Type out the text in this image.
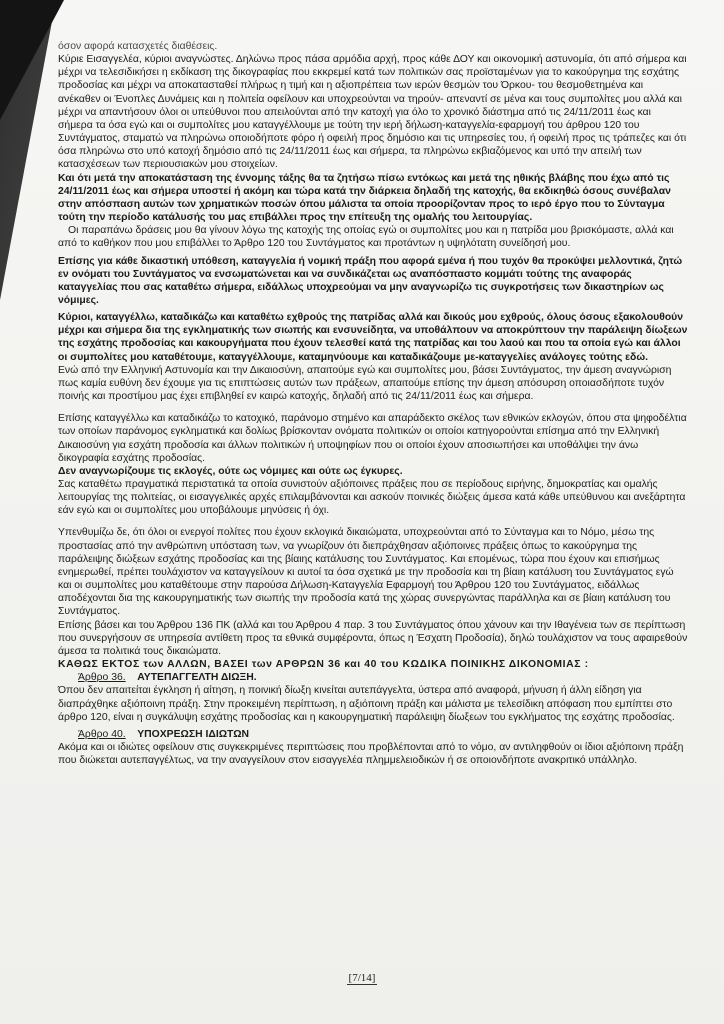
όσον αφορά κατασχετές διαθέσεις.

Κύριε Εισαγγελέα, κύριοι αναγνώστες. Δηλώνω προς πάσα αρμόδια αρχή, προς κάθε ΔΟΥ και οικονομική αστυνομία, ότι από σήμερα και μέχρι να τελεσιδικήσει η εκδίκαση της δικογραφίας που εκκρεμεί κατά των πολιτικών σας προϊσταμένων για το κακούργημα της εσχάτης προδοσίας και μέχρι να αποκατασταθεί πλήρως η τιμή και η αξιοπρέπεια των ιερών θεσμών του Όρκου- του θεσμοθετημένα και ανέκαθεν οι Ένοπλες Δυνάμεις και η πολιτεία οφείλουν και υποχρεούνται να τηρούν- απεναντί σε μένα και τους συμπολίτες μου αλλά και μέχρι να απαντήσουν όλοι οι υπεύθυνοι που απειλούνται από την κατοχή για όλο το χρονικό διάστημα από τις 24/11/2011 έως και σήμερα τα όσα εγώ και οι συμπολίτες μου καταγγέλλουμε με τούτη την ιερή δήλωση-καταγγελία-εφαρμογή του άρθρου 120 του Συντάγματος, σταματώ να πληρώνω οποιοδήποτε φόρο ή οφειλή προς δημόσιο και τις υπηρεσίες του, ή οφειλή προς τις τράπεζες και ότι όσα πληρώνω στο υπό κατοχή δημόσιο από τις 24/11/2011 έως και σήμερα, τα πληρώνω εκβιαζόμενος και υπό την απειλή των κατασχέσεων των περιουσιακών μου στοιχείων.

Και ότι μετά την αποκατάσταση της έννομης τάξης θα τα ζητήσω πίσω εντόκως και μετά της ηθικής βλάβης που έχω από τις 24/11/2011 έως και σήμερα υποστεί ή ακόμη και τώρα κατά την διάρκεια δηλαδή της κατοχής, θα εκδικηθώ όσους συνέβαλαν στην απόσπαση αυτών των χρηματικών ποσών όπου μάλιστα τα οποία προορίζονταν προς το ιερό έργο που το Σύνταγμα τούτη την περίοδο κατάλυσής του μας επιβάλλει προς την επίτευξη της ομαλής του λειτουργίας.

Οι παραπάνω δράσεις μου θα γίνουν λόγω της κατοχής της οποίας εγώ οι συμπολίτες μου και η πατρίδα μου βρισκόμαστε, αλλά και από το καθήκον που μου επιβάλλει το Άρθρο 120 του Συντάγματος και προτάντων η υψηλότατη συνείδησή μου.

Επίσης για κάθε δικαστική υπόθεση, καταγγελία ή νομική πράξη που αφορά εμένα ή που τυχόν θα προκύψει μελλοντικά, ζητώ εν ονόματι του Συντάγματος να ενσωματώνεται και να συνδικάζεται ως αναπόσπαστο κομμάτι τούτης της αναφοράς καταγγελίας που σας καταθέτω σήμερα, ειδάλλως υποχρεούμαι να μην αναγνωρίζω τις συγκροτήσεις των δικαστηρίων ως νόμιμες.

Κύριοι, καταγγέλλω, καταδικάζω και καταθέτω εχθρούς της πατρίδας αλλά και δικούς μου εχθρούς, όλους όσους εξακολουθούν μέχρι και σήμερα δια της εγκληματικής των σιωπής και ενσυνείδητα, να υποθάλπουν να αποκρύπτουν την παράλειψη δίωξεων της εσχάτης προδοσίας και κακουργήματα που έχουν τελεσθεί κατά της πατρίδας και του λαού και που τα οποία εγώ και άλλοι οι συμπολίτες μου καταθέτουμε, καταγγέλλουμε, καταμηνύουμε και καταδικάζουμε με-καταγγελίες ανάλογες τούτης εδώ.

Ενώ από την Ελληνική Αστυνομία και την Δικαιοσύνη, απαιτούμε εγώ και συμπολίτες μου, βάσει Συντάγματος, την άμεση αναγνώριση πως καμία ευθύνη δεν έχουμε για τις επιπτώσεις αυτών των πράξεων, απαιτούμε επίσης την άμεση απόσυρση οποιασδήποτε τυχόν ποινής και προστίμου μας έχει επιβληθεί εν καιρώ κατοχής, δηλαδή από τις 24/11/2011 έως και σήμερα.

Επίσης καταγγέλλω και καταδικάζω το κατοχικό, παράνομο στημένο και απαράδεκτο σκέλος των εθνικών εκλογών, όπου στα ψηφοδέλτια των οποίων παράνομος εγκληματικά και δολίως βρίσκονταν ονόματα πολιτικών οι οποίοι κατηγορούνται επίσημα από την Ελληνική Δικαιοσύνη για εσχάτη προδοσία και άλλων πολιτικών ή υποψηφίων που οι οποίοι έχουν αποσιωπήσει και υποθάλψει την άνω δικογραφία εσχάτης προδοσίας.

Δεν αναγνωρίζουμε τις εκλογές, ούτε ως νόμιμες και ούτε ως έγκυρες.

Σας καταθέτω πραγματικά περιστατικά τα οποία συνιστούν αξιόποινες πράξεις που σε περίοδους ειρήνης, δημοκρατίας και ομαλής λειτουργίας της πολιτείας, οι εισαγγελικές αρχές επιλαμβάνονται και ασκούν ποινικές διώξεις άμεσα κατά κάθε υπεύθυνου και ανεξάρτητα εάν εγώ και οι συμπολίτες μου υποβάλουμε μηνύσεις ή όχι.

Υπενθυμίζω δε, ότι όλοι οι ενεργοί πολίτες που έχουν εκλογικά δικαιώματα, υποχρεούνται από το Σύνταγμα και το Νόμο, μέσω της προστασίας από την ανθρώπινη υπόσταση των, να γνωρίζουν ότι διεπράχθησαν αξιόποινες πράξεις όπως το κακούργημα της παράλειψης διώξεων εσχάτης προδοσίας και της βίαιης κατάλυσης του Συντάγματος. Και επομένως, τώρα που έχουν και επισήμως ενημερωθεί, πρέπει τουλάχιστον να καταγγείλουν κι αυτοί τα όσα σχετικά με την προδοσία και τη βίαιη κατάλυση του Συντάγματος εγώ και οι συμπολίτες μου καταθέτουμε στην παρούσα Δήλωση-Καταγγελία Εφαρμογή του Άρθρου 120 του Συντάγματος, ειδάλλως αποδέχονται δια της κακουργηματικής των σιωπής την προδοσία κατά της χώρας συνεργώντας παράλληλα και σε βίαιη κατάλυση του Συντάγματος.

Επίσης βάσει και του Άρθρου 136 ΠΚ (αλλά και του Άρθρου 4 παρ. 3 του Συντάγματος όπου χάνουν και την Ιθαγένεια των σε περίπτωση που συνεργήσουν σε υπηρεσία αντίθετη προς τα εθνικά συμφέροντα, όπως η Έσχατη Προδοσία), δηλώ τουλάχιστον να τους αφαιρεθούν άμεσα τα πολιτικά τους δικαιώματα.

ΚΑΘΩΣ ΕΚΤΟΣ των ΑΛΛΩΝ, ΒΑΣΕΙ των ΑΡΘΡΩΝ 36 και 40 του ΚΩΔΙΚΑ ΠΟΙΝΙΚΗΣ ΔΙΚΟΝΟΜΙΑΣ :

Άρθρο 36. ΑΥΤΕΠΑΓΓΕΛΤΗ ΔΙΩΞΗ.

Όπου δεν απαιτείται έγκληση ή αίτηση, η ποινική δίωξη κινείται αυτεπάγγελτα, ύστερα από αναφορά, μήνυση ή άλλη είδηση για διαπράχθηκε αξιόποινη πράξη. Στην προκειμένη περίπτωση, η αξιόποινη πράξη και μάλιστα με τελεσίδικη απόφαση που εμπίπτει στο άρθρο 120, είναι η συγκάλυψη εσχάτης προδοσίας και η κακουργηματική παράλειψη δίωξεων του εγκλήματος της εσχάτης προδοσίας.

Άρθρο 40. ΥΠΟΧΡΕΩΣΗ ΙΔΙΩΤΩΝ

Ακόμα και οι ιδιώτες οφείλουν στις συγκεκριμένες περιπτώσεις που προβλέπονται από το νόμο, αν αντιληφθούν οι ίδιοι αξιόποινη πράξη που διώκεται αυτεπαγγέλτως, να την αναγγείλουν στον εισαγγελέα πλημμελειοδικών ή σε οποιονδήποτε ανακριτικό υπάλληλο.

[7/14]
